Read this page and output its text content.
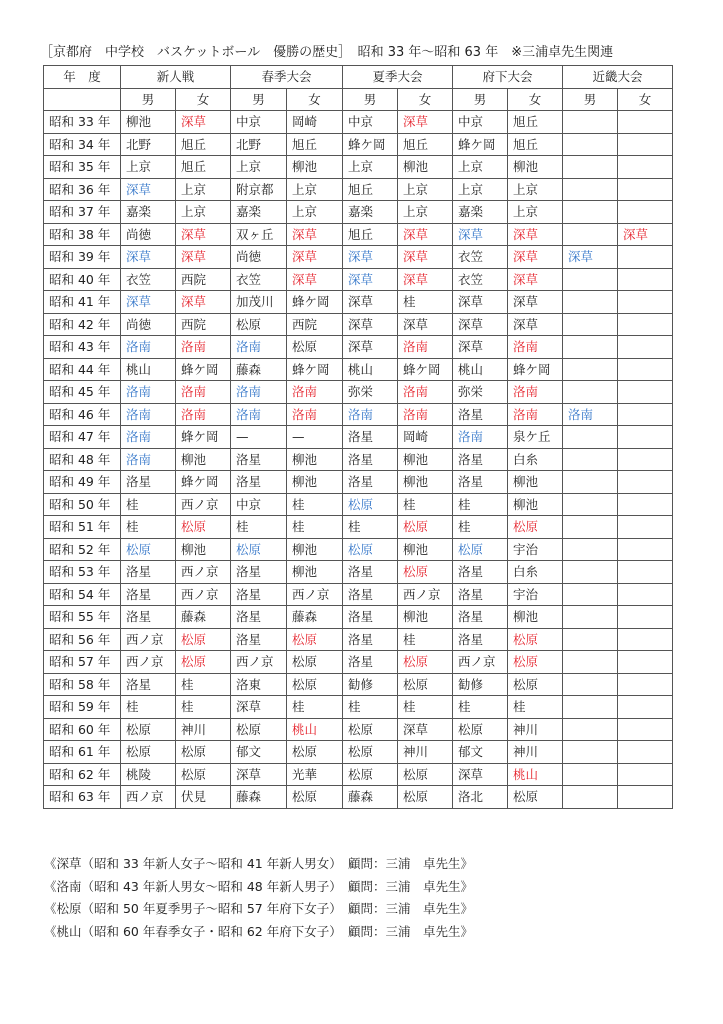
［京都府　中学校　バスケットボール　優勝の歴史］　昭和 33 年〜昭和 63 年　※三浦卓先生関連
年　度	新人戦		春季大会		夏季大会		府下大会		近畿大会	
	男	女	男	女	男	女	男	女	男	女
昭和 33 年	柳池	深草	中京	岡崎	中京	深草	中京	旭丘		
昭和 34 年	北野	旭丘	北野	旭丘	蜂ケ岡	旭丘	蜂ケ岡	旭丘		
昭和 35 年	上京	旭丘	上京	柳池	上京	柳池	上京	柳池		
昭和 36 年	深草	上京	附京都	上京	旭丘	上京	上京	上京		
昭和 37 年	嘉楽	上京	嘉楽	上京	嘉楽	上京	嘉楽	上京		
昭和 38 年	尚徳	深草	双ヶ丘	深草	旭丘	深草	深草	深草		深草
昭和 39 年	深草	深草	尚徳	深草	深草	深草	衣笠	深草	深草	
昭和 40 年	衣笠	西院	衣笠	深草	深草	深草	衣笠	深草		
昭和 41 年	深草	深草	加茂川	蜂ケ岡	深草	桂	深草	深草		
昭和 42 年	尚徳	西院	松原	西院	深草	深草	深草	深草		
昭和 43 年	洛南	洛南	洛南	松原	深草	洛南	深草	洛南		
昭和 44 年	桃山	蜂ケ岡	藤森	蜂ケ岡	桃山	蜂ケ岡	桃山	蜂ケ岡		
昭和 45 年	洛南	洛南	洛南	洛南	弥栄	洛南	弥栄	洛南		
昭和 46 年	洛南	洛南	洛南	洛南	洛南	洛南	洛星	洛南	洛南	
昭和 47 年	洛南	蜂ケ岡	—	—	洛星	岡崎	洛南	泉ケ丘		
昭和 48 年	洛南	柳池	洛星	柳池	洛星	柳池	洛星	白糸		
昭和 49 年	洛星	蜂ケ岡	洛星	柳池	洛星	柳池	洛星	柳池		
昭和 50 年	桂	西ノ京	中京	桂	松原	桂	桂	柳池		
昭和 51 年	桂	松原	桂	桂	桂	松原	桂	松原		
昭和 52 年	松原	柳池	松原	柳池	松原	柳池	松原	宇治		
昭和 53 年	洛星	西ノ京	洛星	柳池	洛星	松原	洛星	白糸		
昭和 54 年	洛星	西ノ京	洛星	西ノ京	洛星	西ノ京	洛星	宇治		
昭和 55 年	洛星	藤森	洛星	藤森	洛星	柳池	洛星	柳池		
昭和 56 年	西ノ京	松原	洛星	松原	洛星	桂	洛星	松原		
昭和 57 年	西ノ京	松原	西ノ京	松原	洛星	松原	西ノ京	松原		
昭和 58 年	洛星	桂	洛東	松原	勧修	松原	勧修	松原		
昭和 59 年	桂	桂	深草	桂	桂	桂	桂	桂		
昭和 60 年	松原	神川	松原	桃山	松原	深草	松原	神川		
昭和 61 年	松原	松原	郁文	松原	松原	神川	郁文	神川		
昭和 62 年	桃陵	松原	深草	光華	松原	松原	深草	桃山		
昭和 63 年	西ノ京	伏見	藤森	松原	藤森	松原	洛北	松原		
《深草（昭和 33 年新人女子〜昭和 41 年新人男女）　顧問：三浦　卓先生》
《洛南（昭和 43 年新人男女〜昭和 48 年新人男子）　顧問：三浦　卓先生》
《松原（昭和 50 年夏季男子〜昭和 57 年府下女子）　顧問：三浦　卓先生》
《桃山（昭和 60 年春季女子・昭和 62 年府下女子）　顧問：三浦　卓先生》
